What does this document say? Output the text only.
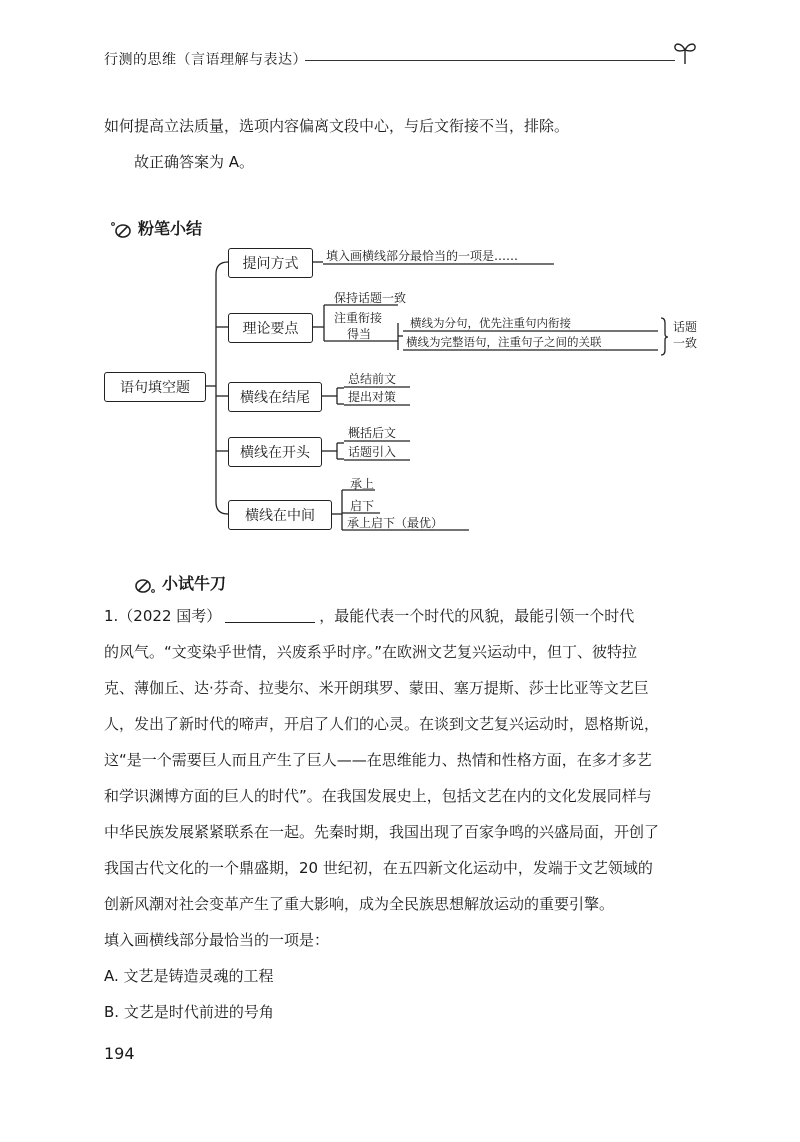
行测的思维（言语理解与表达）
如何提高立法质量，选项内容偏离文段中心，与后文衔接不当，排除。
故正确答案为 A。
粉笔小结
语句填空题
提问方式
理论要点
横线在结尾
横线在开头
横线在中间
填入画横线部分最恰当的一项是……
保持话题一致
注重衔接
得当
横线为分句，优先注重句内衔接
横线为完整语句，注重句子之间的关联
话题
一致
总结前文
提出对策
概括后文
话题引入
承上
启下
承上启下（最优）
小试牛刀
1.（2022 国考）	，最能代表一个时代的风貌，最能引领一个时代
的风气。“文变染乎世情，兴废系乎时序。”在欧洲文艺复兴运动中，但丁、彼特拉
克、薄伽丘、达·芬奇、拉斐尔、米开朗琪罗、蒙田、塞万提斯、莎士比亚等文艺巨
人，发出了新时代的啼声，开启了人们的心灵。在谈到文艺复兴运动时，恩格斯说，
这“是一个需要巨人而且产生了巨人——在思维能力、热情和性格方面，在多才多艺
和学识渊博方面的巨人的时代”。在我国发展史上，包括文艺在内的文化发展同样与
中华民族发展紧紧联系在一起。先秦时期，我国出现了百家争鸣的兴盛局面，开创了
我国古代文化的一个鼎盛期，20 世纪初，在五四新文化运动中，发端于文艺领域的
创新风潮对社会变革产生了重大影响，成为全民族思想解放运动的重要引擎。
填入画横线部分最恰当的一项是：
A. 文艺是铸造灵魂的工程
B. 文艺是时代前进的号角
194
